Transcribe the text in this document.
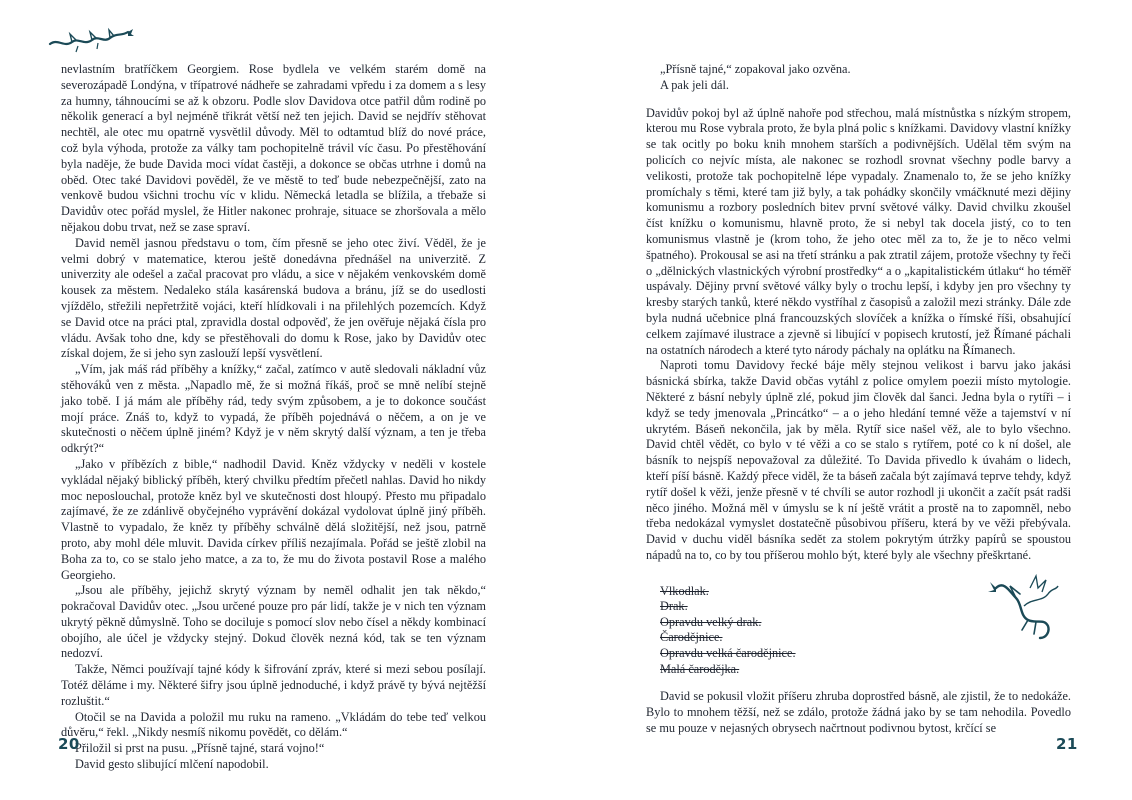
nevlastním bratříčkem Georgiem. Rose bydlela ve velkém starém domě na severozápadě Londýna, v třípatrové nádheře se zahradami vpředu i za domem a s lesy za humny, táhnoucími se až k obzoru. Podle slov Davidova otce patřil dům rodině po několik generací a byl nejméně třikrát větší než ten jejich. David se nejdřív stěhovat nechtěl, ale otec mu opatrně vysvětlil důvody. Měl to odtamtud blíž do nové práce, což byla výhoda, protože za války tam pochopitelně trávil víc času. Po přestěhování byla naděje, že bude Davida moci vídat častěji, a dokonce se občas utrhne i domů na oběd. Otec také Davidovi pověděl, že ve městě to teď bude nebezpečnější, zato na venkově budou všichni trochu víc v klidu. Německá letadla se blížila, a třebaže si Davidův otec pořád myslel, že Hitler nakonec prohraje, situace se zhoršovala a mělo nějakou dobu trvat, než se zase spraví.

David neměl jasnou představu o tom, čím přesně se jeho otec živí. Věděl, že je velmi dobrý v matematice, kterou ještě donedávna přednášel na univerzitě. Z univerzity ale odešel a začal pracovat pro vládu, a sice v nějakém venkovském domě kousek za městem. Nedaleko stála kasárenská budova a bránu, jíž se do usedlosti vjíždělo, střežili nepřetržitě vojáci, kteří hlídkovali i na přilehlých pozemcích. Když se David otce na práci ptal, zpravidla dostal odpověď, že jen ověřuje nějaká čísla pro vládu. Avšak toho dne, kdy se přestěhovali do domu k Rose, jako by Davidův otec získal dojem, že si jeho syn zaslouží lepší vysvětlení.

„Vím, jak máš rád příběhy a knížky,“ začal, zatímco v autě sledovali nákladní vůz stěhováků ven z města. „Napadlo mě, že si možná říkáš, proč se mně nelíbí stejně jako tobě. I já mám ale příběhy rád, tedy svým způsobem, a je to dokonce součást mojí práce. Znáš to, když to vypadá, že příběh pojednává o něčem, a on je ve skutečnosti o něčem úplně jiném? Když je v něm skrytý další význam, a ten je třeba odkrýt?“

„Jako v příbězích z bible,“ nadhodil David. Kněz vždycky v neděli v kostele vykládal nějaký biblický příběh, který chvilku předtím přečetl nahlas. David ho nikdy moc neposlouchal, protože kněz byl ve skutečnosti dost hloupý. Přesto mu připadalo zajímavé, že ze zdánlivě obyčejného vyprávění dokázal vydolovat úplně jiný příběh. Vlastně to vypadalo, že kněz ty příběhy schválně dělá složitější, než jsou, patrně proto, aby mohl déle mluvit. Davida církev příliš nezajímala. Pořád se ještě zlobil na Boha za to, co se stalo jeho matce, a za to, že mu do života postavil Rose a malého Georgieho.

„Jsou ale příběhy, jejichž skrytý význam by neměl odhalit jen tak někdo,“ pokračoval Davidův otec. „Jsou určené pouze pro pár lidí, takže je v nich ten význam ukrytý pěkně důmyslně. Toho se dociluje s pomocí slov nebo čísel a někdy kombinací obojího, ale účel je vždycky stejný. Dokud člověk nezná kód, tak se ten význam nedozví.

Takže, Němci používají tajné kódy k šifrování zpráv, které si mezi sebou posílají. Totéž děláme i my. Některé šifry jsou úplně jednoduché, i když právě ty bývá nejtěžší rozluštit.“

Otočil se na Davida a položil mu ruku na rameno. „Vkládám do tebe teď velkou důvěru,“ řekl. „Nikdy nesmíš nikomu povědět, co dělám.“

Přiložil si prst na pusu. „Přísně tajné, stará vojno!“

David gesto slibující mlčení napodobil.

20

„Přísně tajné,“ zopakoval jako ozvěna.

A pak jeli dál.

Davidův pokoj byl až úplně nahoře pod střechou, malá místnůstka s nízkým stropem, kterou mu Rose vybrala proto, že byla plná polic s knížkami. Davidovy vlastní knížky se tak ocitly po boku knih mnohem starších a podivnějších. Udělal těm svým na policích co nejvíc místa, ale nakonec se rozhodl srovnat všechny podle barvy a velikosti, protože tak pochopitelně lépe vypadaly. Znamenalo to, že se jeho knížky promíchaly s těmi, které tam již byly, a tak pohádky skončily vmáčknuté mezi dějiny komunismu a rozbory posledních bitev první světové války. David chvilku zkoušel číst knížku o komunismu, hlavně proto, že si nebyl tak docela jistý, co to ten komunismus vlastně je (krom toho, že jeho otec měl za to, že je to něco velmi špatného). Prokousal se asi na třetí stránku a pak ztratil zájem, protože všechny ty řeči o „dělnických vlastnických výrobní prostředky“ a o „kapitalistickém útlaku“ ho téměř uspávaly. Dějiny první světové války byly o trochu lepší, i kdyby jen pro všechny ty kresby starých tanků, které někdo vystříhal z časopisů a založil mezi stránky. Dále zde byla nudná učebnice plná francouzských slovíček a knížka o římské říši, obsahující celkem zajímavé ilustrace a zjevně si libující v popisech krutostí, jež Římané páchali na ostatních národech a které tyto národy páchaly na oplátku na Římanech.

Naproti tomu Davidovy řecké báje měly stejnou velikost i barvu jako jakási básnická sbírka, takže David občas vytáhl z police omylem poezii místo mytologie. Některé z básní nebyly úplně zlé, pokud jim člověk dal šanci. Jedna byla o rytíři – i když se tedy jmenovala „Princátko“ – a o jeho hledání temné věže a tajemství v ní ukrytém. Báseň nekončila, jak by měla. Rytíř sice našel věž, ale to bylo všechno. David chtěl vědět, co bylo v té věži a co se stalo s rytířem, poté co k ní došel, ale básník to nejspíš nepovažoval za důležité. To Davida přivedlo k úvahám o lidech, kteří píší básně. Každý přece viděl, že ta báseň začala být zajímavá teprve tehdy, když rytíř došel k věži, jenže přesně v té chvíli se autor rozhodl ji ukončit a začít psát radši něco jiného. Možná měl v úmyslu se k ní ještě vrátit a prostě na to zapomněl, nebo třeba nedokázal vymyslet dostatečně působivou příšeru, která by ve věži přebývala. David v duchu viděl básníka sedět za stolem pokrytým útržky papírů se spoustou nápadů na to, co by tou příšerou mohlo být, které byly ale všechny přeškrtané.

Vlkodlak.
Drak.
Opravdu velký drak.
Čarodějnice.
Opravdu velká čarodějnice.
Malá čarodějka.

David se pokusil vložit příšeru zhruba doprostřed básně, ale zjistil, že to nedokáže. Bylo to mnohem těžší, než se zdálo, protože žádná jako by se tam nehodila. Povedlo se mu pouze v nejasných obrysech načrtnout podivnou bytost, krčící se

21
